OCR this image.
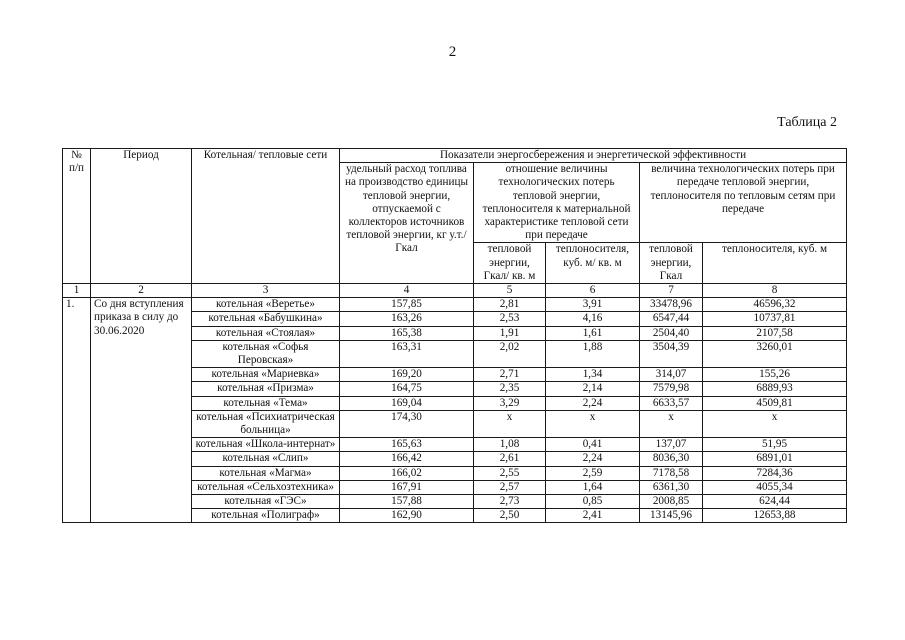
2
Таблица 2
№ п/п	Период	Котельная/ тепловые сети	Показатели энергосбережения и энергетической эффективности				
			удельный расход топлива на производство единицы тепловой энергии, отпускаемой с коллекторов источников тепловой энергии, кг у.т./ Гкал	отношение величины технологических потерь тепловой энергии, теплоносителя к материальной характеристике тепловой сети при передаче		величина технологических потерь при передаче тепловой энергии, теплоносителя по тепловым сетям при передаче	
				тепловой энергии, Гкал/ кв. м	теплоносителя, куб. м/ кв. м	тепловой энергии, Гкал	теплоносителя, куб. м
1	2	3	4	5	6	7	8
1.	Со дня вступления приказа в силу до 30.06.2020	котельная «Веретье»	157,85	2,81	3,91	33478,96	46596,32
		котельная «Бабушкина»	163,26	2,53	4,16	6547,44	10737,81
		котельная «Стоялая»	165,38	1,91	1,61	2504,40	2107,58
		котельная «Софья Перовская»	163,31	2,02	1,88	3504,39	3260,01
		котельная «Мариевка»	169,20	2,71	1,34	314,07	155,26
		котельная «Призма»	164,75	2,35	2,14	7579,98	6889,93
		котельная «Тема»	169,04	3,29	2,24	6633,57	4509,81
		котельная «Психиатрическая больница»	174,30	x	x	x	x
		котельная «Школа-интернат»	165,63	1,08	0,41	137,07	51,95
		котельная «Слип»	166,42	2,61	2,24	8036,30	6891,01
		котельная «Магма»	166,02	2,55	2,59	7178,58	7284,36
		котельная «Сельхозтехника»	167,91	2,57	1,64	6361,30	4055,34
		котельная «ГЭС»	157,88	2,73	0,85	2008,85	624,44
		котельная «Полиграф»	162,90	2,50	2,41	13145,96	12653,88
